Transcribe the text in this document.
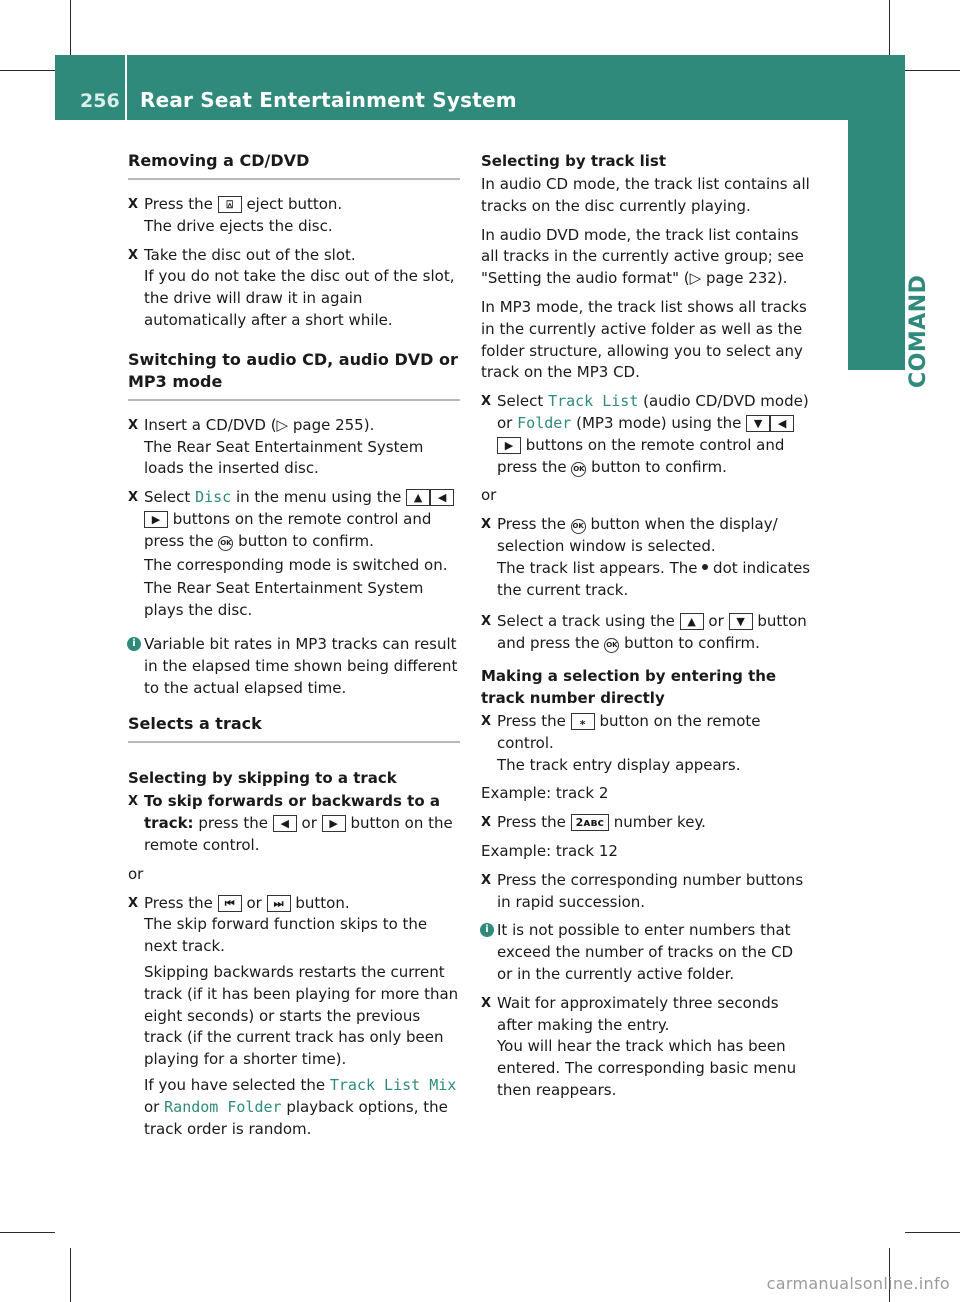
256 Rear Seat Entertainment System
COMAND
Removing a CD/DVD
X Press the ⍓ eject button.
The drive ejects the disc.
X Take the disc out of the slot.
If you do not take the disc out of the slot, the drive will draw it in again automatically after a short while.
Switching to audio CD, audio DVD or MP3 mode
X Insert a CD/DVD (▷ page 255).
The Rear Seat Entertainment System loads the inserted disc.
X Select Disc in the menu using the ▲ ◀▶ buttons on the remote control and press the OK button to confirm.
The corresponding mode is switched on.
The Rear Seat Entertainment System plays the disc.
i Variable bit rates in MP3 tracks can result in the elapsed time shown being different to the actual elapsed time.
Selects a track
Selecting by skipping to a track
X To skip forwards or backwards to a track: press the ◀ or ▶ button on the remote control.

or

X Press the ⏮ or ⏭ button.
The skip forward function skips to the next track.
Skipping backwards restarts the current track (if it has been playing for more than eight seconds) or starts the previous track (if the current track has only been playing for a shorter time).
If you have selected the Track List Mix or Random Folder playback options, the track order is random.
Selecting by track list

In audio CD mode, the track list contains all tracks on the disc currently playing.

In audio DVD mode, the track list contains all tracks in the currently active group; see "Setting the audio format" (▷ page 232).

In MP3 mode, the track list shows all tracks in the currently active folder as well as the folder structure, allowing you to select any track on the MP3 CD.

X Select Track List (audio CD/DVD mode) or Folder (MP3 mode) using the ▼ ◀▶ buttons on the remote control and press the OK button to confirm.

or

X Press the OK button when the display/ selection window is selected.
The track list appears. The dot indicates the current track.
X Select a track using the ▲ or ▼ button and press the OK button to confirm.
Making a selection by entering the track number directly
X Press the ⁎ button on the remote control.
The track entry display appears.

Example: track 2

X Press the 2ᴀʙᴄ number key.

Example: track 12

X Press the corresponding number buttons in rapid succession.
i It is not possible to enter numbers that exceed the number of tracks on the CD or in the currently active folder.
X Wait for approximately three seconds after making the entry.
You will hear the track which has been entered. The corresponding basic menu then reappears.
carmanualsonline.info
